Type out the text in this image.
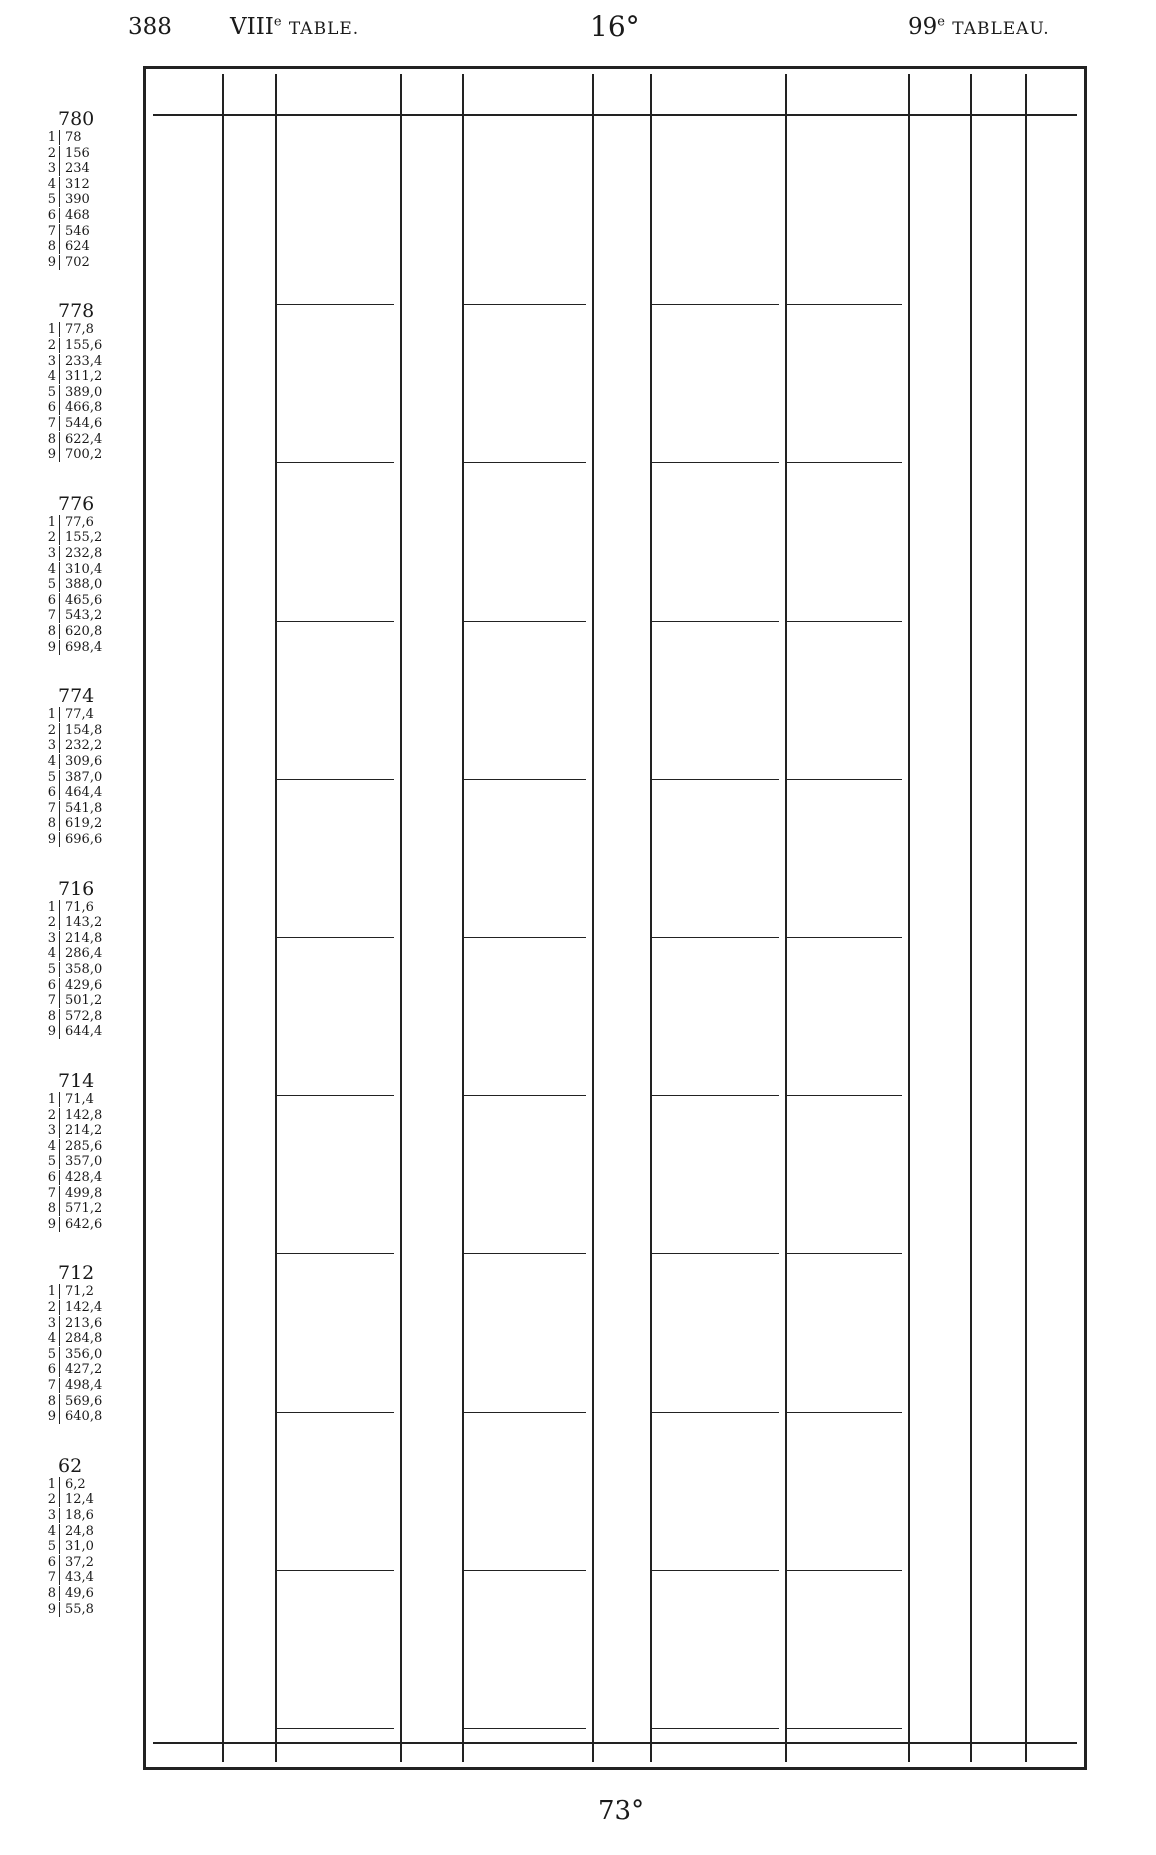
388	VIIIe TABLE.	16°	99e TABLEAU.
780
1 78
2 156
3 234
4 312
5 390
6 468
7 546
8 624
9 702
778
1 77,8
2 155,6
3 233,4
4 311,2
5 389,0
6 466,8
7 544,6
8 622,4
9 700,2
776
1 77,6
2 155,2
3 232,8
4 310,4
5 388,0
6 465,6
7 543,2
8 620,8
9 698,4
774
1 77,4
2 154,8
3 232,2
4 309,6
5 387,0
6 464,4
7 541,8
8 619,2
9 696,6
716
1 71,6
2 143,2
3 214,8
4 286,4
5 358,0
6 429,6
7 501,2
8 572,8
9 644,4
714
1 71,4
2 142,8
3 214,2
4 285,6
5 357,0
6 428,4
7 499,8
8 571,2
9 642,6
712
1 71,2
2 142,4
3 213,6
4 284,8
5 356,0
6 427,2
7 498,4
8 569,6
9 640,8
62
1 6,2
2 12,4
3 18,6
4 24,8
5 31,0
6 37,2
7 43,4
8 49,6
9 55,8
73°
